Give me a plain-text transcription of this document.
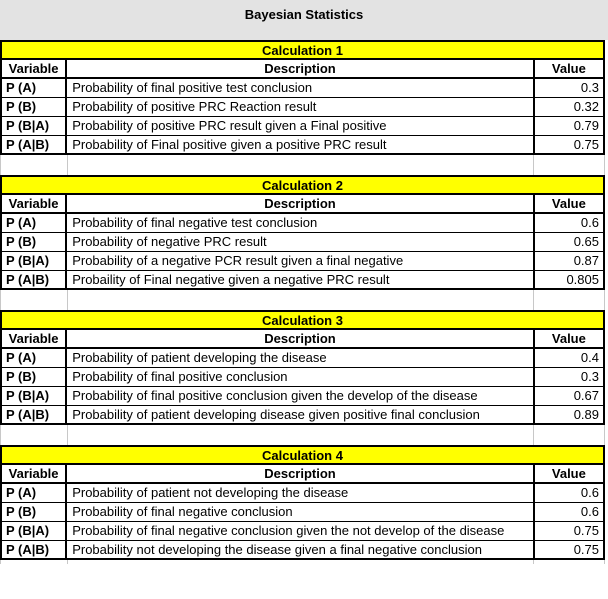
Bayesian Statistics
Calculation 1		
Variable	Description	Value
P (A)	Probability of final positive test conclusion	0.3
P (B)	Probability of positive PRC Reaction result	0.32
P (B|A)	Probability of positive PRC result given a Final positive	0.79
P (A|B)	Probability of Final positive given a positive PRC result	0.75
Calculation 2		
Variable	Description	Value
P (A)	Probability of final negative test conclusion	0.6
P (B)	Probability of negative PRC result	0.65
P (B|A)	Probability of a negative PCR result given a final negative	0.87
P (A|B)	Probaility of Final negative given a negative PRC result	0.805
Calculation 3		
Variable	Description	Value
P (A)	Probability of patient developing the disease	0.4
P (B)	Probability of final positive conclusion	0.3
P (B|A)	Probability of final positive conclusion given the develop of the disease	0.67
P (A|B)	Probability of patient developing disease given positive final conclusion	0.89
Calculation 4		
Variable	Description	Value
P (A)	Probability of patient not developing the disease	0.6
P (B)	Probability of final negative conclusion	0.6
P (B|A)	Probability of final negative conclusion given the not develop of the disease	0.75
P (A|B)	Probability not developing the disease given a final negative conclusion	0.75
